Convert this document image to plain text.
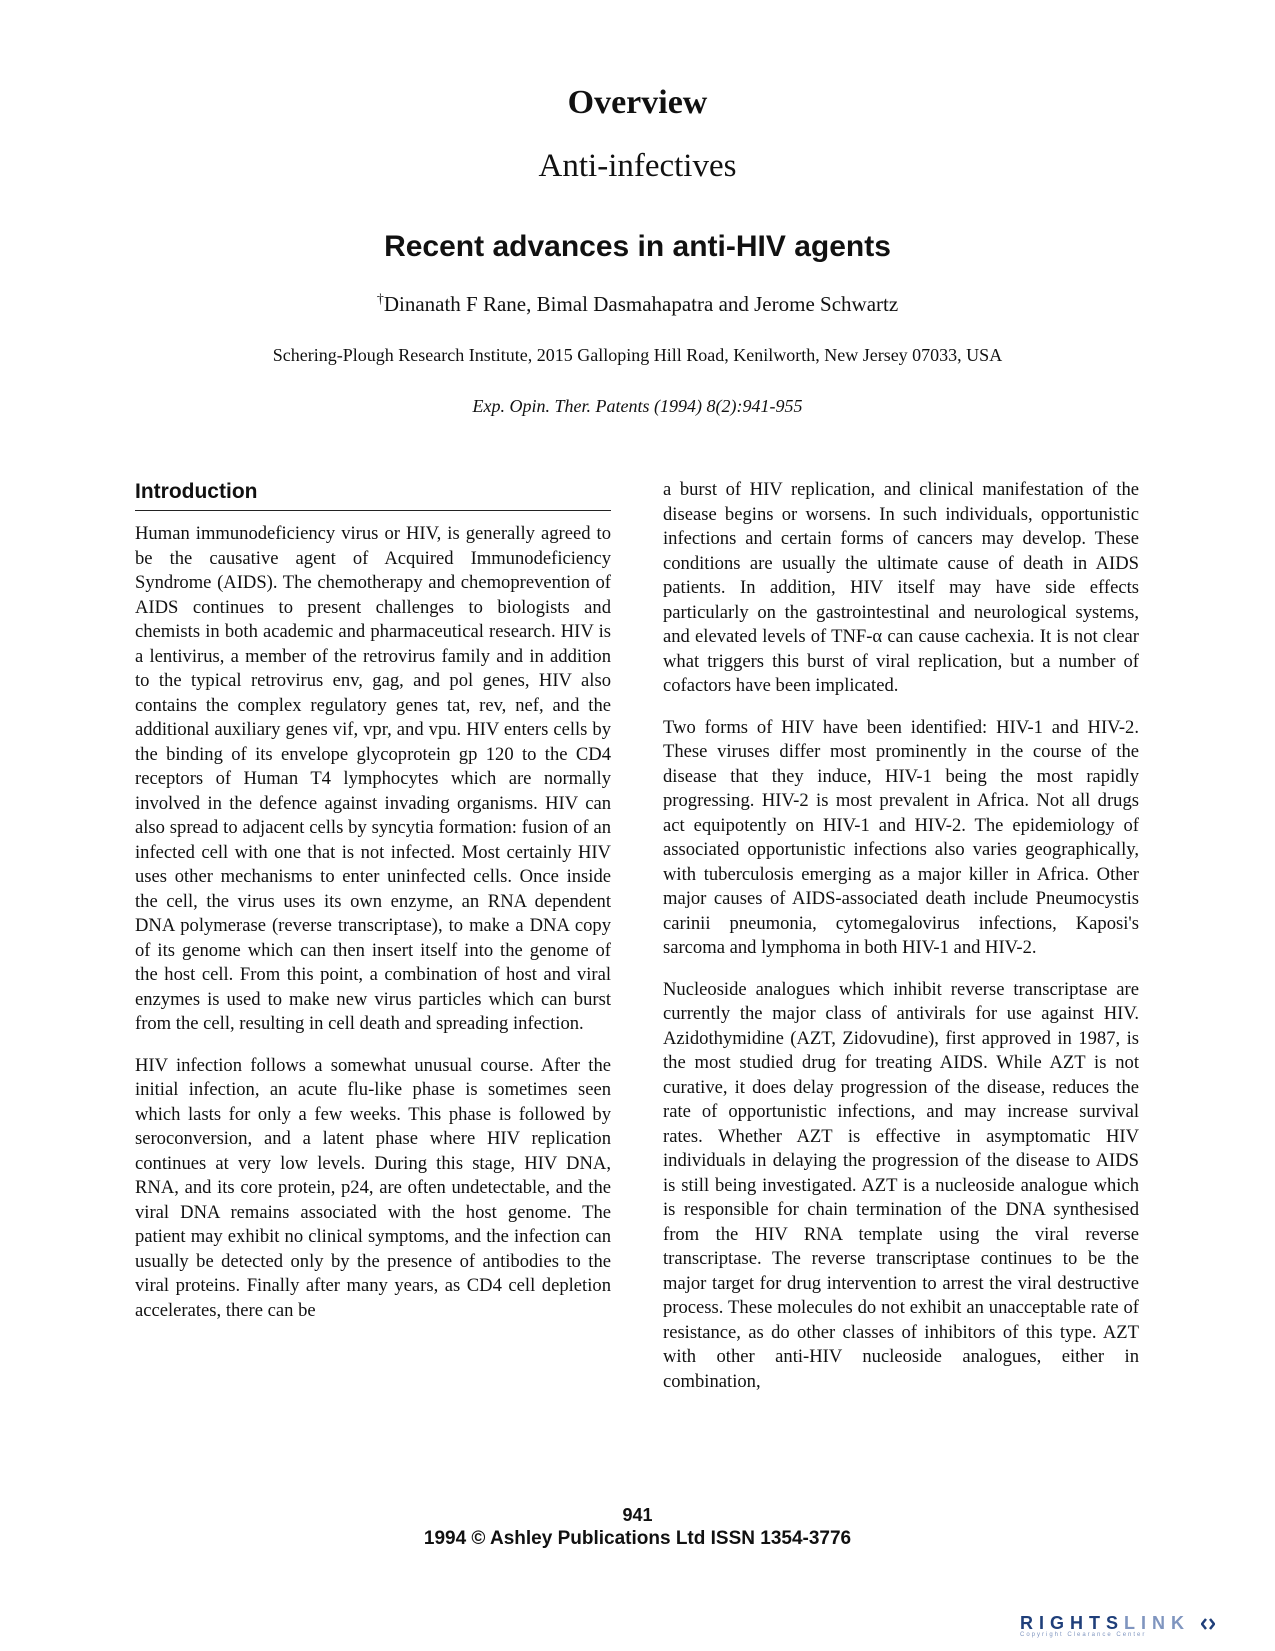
Overview
Anti-infectives
Recent advances in anti-HIV agents
†Dinanath F Rane, Bimal Dasmahapatra and Jerome Schwartz
Schering-Plough Research Institute, 2015 Galloping Hill Road, Kenilworth, New Jersey 07033, USA
Exp. Opin. Ther. Patents (1994) 8(2):941-955
Introduction

Human immunodeficiency virus or HIV, is generally agreed to be the causative agent of Acquired Immunodeficiency Syndrome (AIDS). The chemotherapy and chemoprevention of AIDS continues to present challenges to biologists and chemists in both academic and pharmaceutical research. HIV is a lentivirus, a member of the retrovirus family and in addition to the typical retrovirus env, gag, and pol genes, HIV also contains the complex regulatory genes tat, rev, nef, and the additional auxiliary genes vif, vpr, and vpu. HIV enters cells by the binding of its envelope glycoprotein gp 120 to the CD4 receptors of Human T4 lymphocytes which are normally involved in the defence against invading organisms. HIV can also spread to adjacent cells by syncytia formation: fusion of an infected cell with one that is not infected. Most certainly HIV uses other mechanisms to enter uninfected cells. Once inside the cell, the virus uses its own enzyme, an RNA dependent DNA polymerase (reverse transcriptase), to make a DNA copy of its genome which can then insert itself into the genome of the host cell. From this point, a combination of host and viral enzymes is used to make new virus particles which can burst from the cell, resulting in cell death and spreading infection.

HIV infection follows a somewhat unusual course. After the initial infection, an acute flu-like phase is sometimes seen which lasts for only a few weeks. This phase is followed by seroconversion, and a latent phase where HIV replication continues at very low levels. During this stage, HIV DNA, RNA, and its core protein, p24, are often undetectable, and the viral DNA remains associated with the host genome. The patient may exhibit no clinical symptoms, and the infection can usually be detected only by the presence of antibodies to the viral proteins. Finally after many years, as CD4 cell depletion accelerates, there can be

a burst of HIV replication, and clinical manifestation of the disease begins or worsens. In such individuals, opportunistic infections and certain forms of cancers may develop. These conditions are usually the ultimate cause of death in AIDS patients. In addition, HIV itself may have side effects particularly on the gastrointestinal and neurological systems, and elevated levels of TNF-α can cause cachexia. It is not clear what triggers this burst of viral replication, but a number of cofactors have been implicated.

Two forms of HIV have been identified: HIV-1 and HIV-2. These viruses differ most prominently in the course of the disease that they induce, HIV-1 being the most rapidly progressing. HIV-2 is most prevalent in Africa. Not all drugs act equipotently on HIV-1 and HIV-2. The epidemiology of associated opportunistic infections also varies geographically, with tuberculosis emerging as a major killer in Africa. Other major causes of AIDS-associated death include Pneumocystis carinii pneumonia, cytomegalovirus infections, Kaposi's sarcoma and lymphoma in both HIV-1 and HIV-2.

Nucleoside analogues which inhibit reverse transcriptase are currently the major class of antivirals for use against HIV. Azidothymidine (AZT, Zidovudine), first approved in 1987, is the most studied drug for treating AIDS. While AZT is not curative, it does delay progression of the disease, reduces the rate of opportunistic infections, and may increase survival rates. Whether AZT is effective in asymptomatic HIV individuals in delaying the progression of the disease to AIDS is still being investigated. AZT is a nucleoside analogue which is responsible for chain termination of the DNA synthesised from the HIV RNA template using the viral reverse transcriptase. The reverse transcriptase continues to be the major target for drug intervention to arrest the viral destructive process. These molecules do not exhibit an unacceptable rate of resistance, as do other classes of inhibitors of this type. AZT with other anti-HIV nucleoside analogues, either in combination,

941
1994 © Ashley Publications Ltd ISSN 1354-3776
RIGHTSLINK
Copyright Clearance Center
